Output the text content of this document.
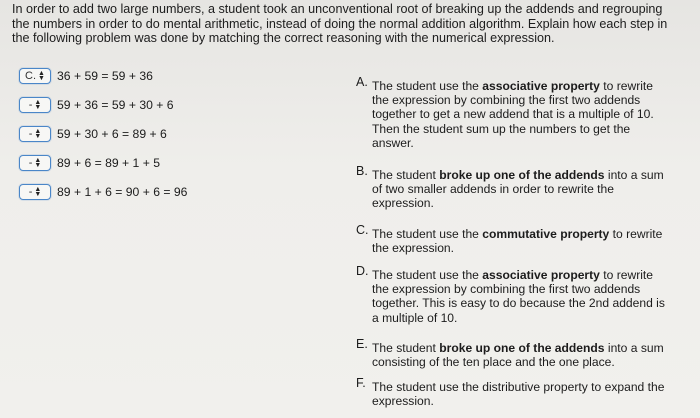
In order to add two large numbers, a student took an unconventional root of breaking up the addends and regrouping
the numbers in order to do mental arithmetic, instead of doing the normal addition algorithm. Explain how each step in
the following problem was done by matching the correct reasoning with the numerical expression.
C. ▲
▼ 36 + 59 = 59 + 36
- ▲
▼ 59 + 36 = 59 + 30 + 6
- ▲
▼ 59 + 30 + 6 = 89 + 6
- ▲
▼ 89 + 6 = 89 + 1 + 5
- ▲
▼ 89 + 1 + 6 = 90 + 6 = 96
A. The student use the associative property to rewrite
the expression by combining the first two addends
together to get a new addend that is a multiple of 10.
Then the student sum up the numbers to get the
answer.
B. The student broke up one of the addends into a sum
of two smaller addends in order to rewrite the
expression.
C. The student use the commutative property to rewrite
the expression.
D. The student use the associative property to rewrite
the expression by combining the first two addends
together. This is easy to do because the 2nd addend is
a multiple of 10.
E. The student broke up one of the addends into a sum
consisting of the ten place and the one place.
F. The student use the distributive property to expand the
expression.
